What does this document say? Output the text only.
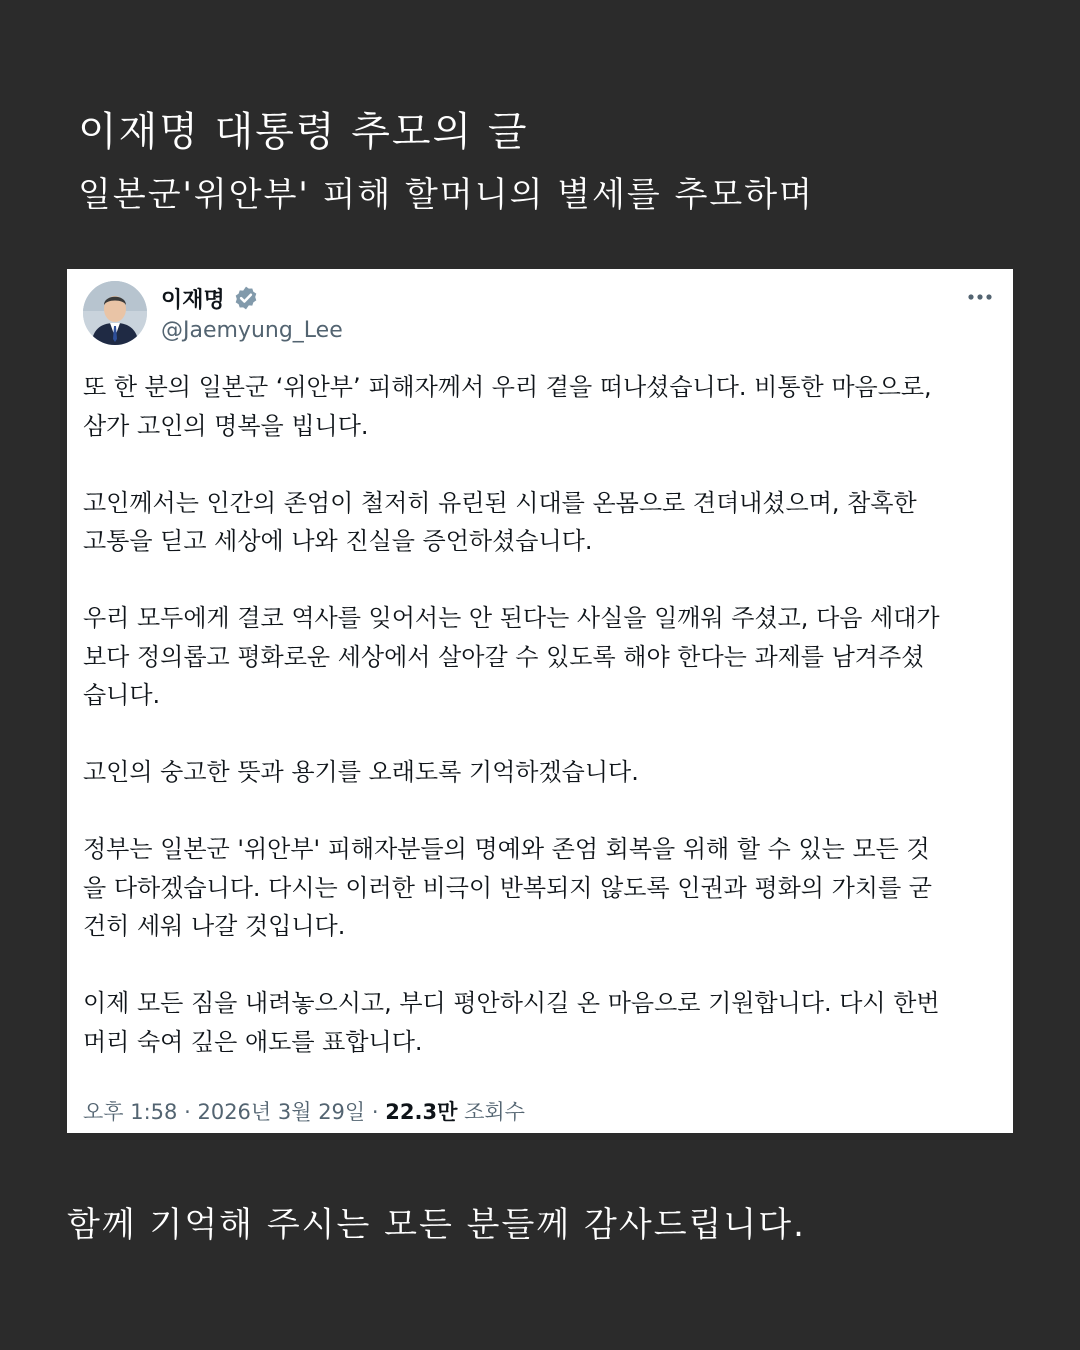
이재명 대통령 추모의 글
일본군'위안부' 피해 할머니의 별세를 추모하며
이재명
@Jaemyung_Lee

또 한 분의 일본군 ‘위안부’ 피해자께서 우리 곁을 떠나셨습니다. 비통한 마음으로,
삼가 고인의 명복을 빕니다.

고인께서는 인간의 존엄이 철저히 유린된 시대를 온몸으로 견뎌내셨으며, 참혹한
고통을 딛고 세상에 나와 진실을 증언하셨습니다.

우리 모두에게 결코 역사를 잊어서는 안 된다는 사실을 일깨워 주셨고, 다음 세대가
보다 정의롭고 평화로운 세상에서 살아갈 수 있도록 해야 한다는 과제를 남겨주셨
습니다.

고인의 숭고한 뜻과 용기를 오래도록 기억하겠습니다.

정부는 일본군 '위안부' 피해자분들의 명예와 존엄 회복을 위해 할 수 있는 모든 것
을 다하겠습니다. 다시는 이러한 비극이 반복되지 않도록 인권과 평화의 가치를 굳
건히 세워 나갈 것입니다.

이제 모든 짐을 내려놓으시고, 부디 평안하시길 온 마음으로 기원합니다. 다시 한번
머리 숙여 깊은 애도를 표합니다.

오후 1:58 · 2026년 3월 29일 · 22.3만 조회수
함께 기억해 주시는 모든 분들께 감사드립니다.
